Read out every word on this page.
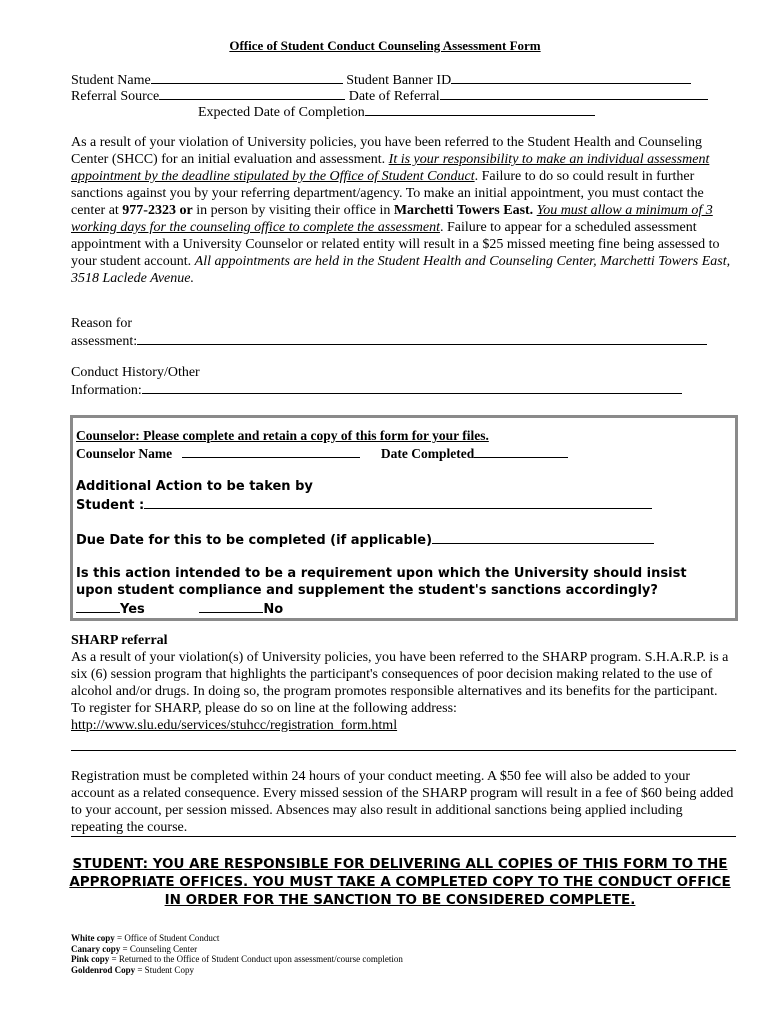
Office of Student Conduct Counseling Assessment Form
Student Name	Student Banner ID
Referral Source	Date of Referral
Expected Date of Completion

As a result of your violation of University policies, you have been referred to the Student Health and Counseling Center (SHCC) for an initial evaluation and assessment. It is your responsibility to make an individual assessment appointment by the deadline stipulated by the Office of Student Conduct. Failure to do so could result in further sanctions against you by your referring department/agency. To make an initial appointment, you must contact the center at 977-2323 or in person by visiting their office in Marchetti Towers East. You must allow a minimum of 3 working days for the counseling office to complete the assessment. Failure to appear for a scheduled assessment appointment with a University Counselor or related entity will result in a $25 missed meeting fine being assessed to your student account. All appointments are held in the Student Health and Counseling Center, Marchetti Towers East, 3518 Laclede Avenue.

Reason for
assessment:
Conduct History/Other
Information:
Counselor: Please complete and retain a copy of this form for your files.
Counselor Name	Date Completed
Additional Action to be taken by
Student :
Due Date for this to be completed (if applicable)
Is this action intended to be a requirement upon which the University should insist upon student compliance and supplement the student's sanctions accordingly?
Yes	No
SHARP referral
As a result of your violation(s) of University policies, you have been referred to the SHARP program. S.H.A.R.P. is a six (6) session program that highlights the participant's consequences of poor decision making related to the use of alcohol and/or drugs. In doing so, the program promotes responsible alternatives and its benefits for the participant.
To register for SHARP, please do so on line at the following address:
http://www.slu.edu/services/stuhcc/registration_form.html
Registration must be completed within 24 hours of your conduct meeting. A $50 fee will also be added to your account as a related consequence. Every missed session of the SHARP program will result in a fee of $60 being added to your account, per session missed. Absences may also result in additional sanctions being applied including repeating the course.
STUDENT: YOU ARE RESPONSIBLE FOR DELIVERING ALL COPIES OF THIS FORM TO THE APPROPRIATE OFFICES. YOU MUST TAKE A COMPLETED COPY TO THE CONDUCT OFFICE IN ORDER FOR THE SANCTION TO BE CONSIDERED COMPLETE.
White copy = Office of Student Conduct
Canary copy = Counseling Center
Pink copy = Returned to the Office of Student Conduct upon assessment/course completion
Goldenrod Copy = Student Copy
